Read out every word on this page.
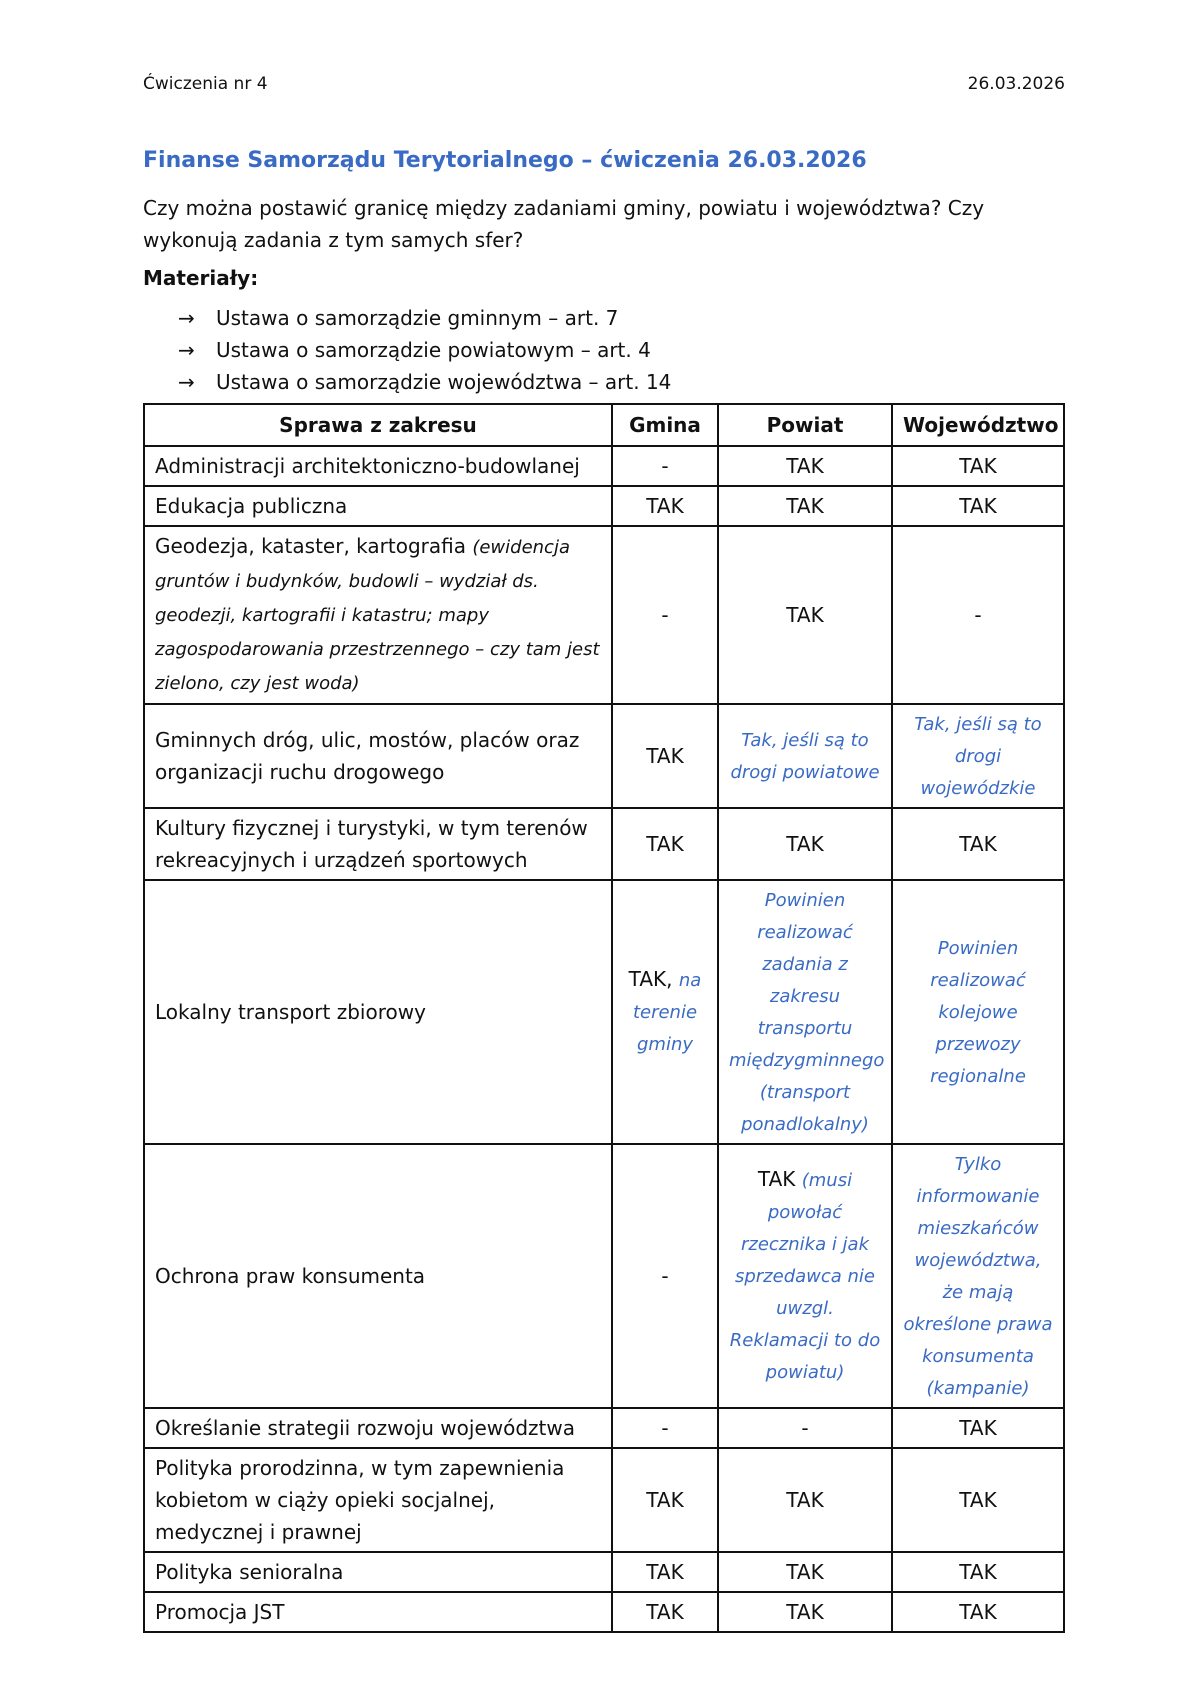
Ćwiczenia nr 4	26.03.2026
Finanse Samorządu Terytorialnego – ćwiczenia 26.03.2026
Czy można postawić granicę między zadaniami gminy, powiatu i województwa? Czy wykonują zadania z tym samych sfer?
Materiały:
→ Ustawa o samorządzie gminnym – art. 7
→ Ustawa o samorządzie powiatowym – art. 4
→ Ustawa o samorządzie województwa – art. 14
Sprawa z zakresu	Gmina	Powiat	Województwo
Administracji architektoniczno-budowlanej	-	TAK	TAK
Edukacja publiczna	TAK	TAK	TAK
Geodezja, kataster, kartografia (ewidencja gruntów i budynków, budowli – wydział ds. geodezji, kartografii i katastru; mapy zagospodarowania przestrzennego – czy tam jest zielono, czy jest woda)	-	TAK	-
Gminnych dróg, ulic, mostów, placów oraz organizacji ruchu drogowego	TAK	Tak, jeśli są to drogi powiatowe	Tak, jeśli są to drogi wojewódzkie
Kultury fizycznej i turystyki, w tym terenów rekreacyjnych i urządzeń sportowych	TAK	TAK	TAK
Lokalny transport zbiorowy	TAK, na terenie gminy	Powinien realizować zadania z zakresu transportu międzygminnego (transport ponadlokalny)	Powinien realizować kolejowe przewozy regionalne
Ochrona praw konsumenta	-	TAK (musi powołać rzecznika i jak sprzedawca nie uwzgl. Reklamacji to do powiatu)	Tylko informowanie mieszkańców województwa, że mają określone prawa konsumenta (kampanie)
Określanie strategii rozwoju województwa	-	-	TAK
Polityka prorodzinna, w tym zapewnienia kobietom w ciąży opieki socjalnej, medycznej i prawnej	TAK	TAK	TAK
Polityka senioralna	TAK	TAK	TAK
Promocja JST	TAK	TAK	TAK
